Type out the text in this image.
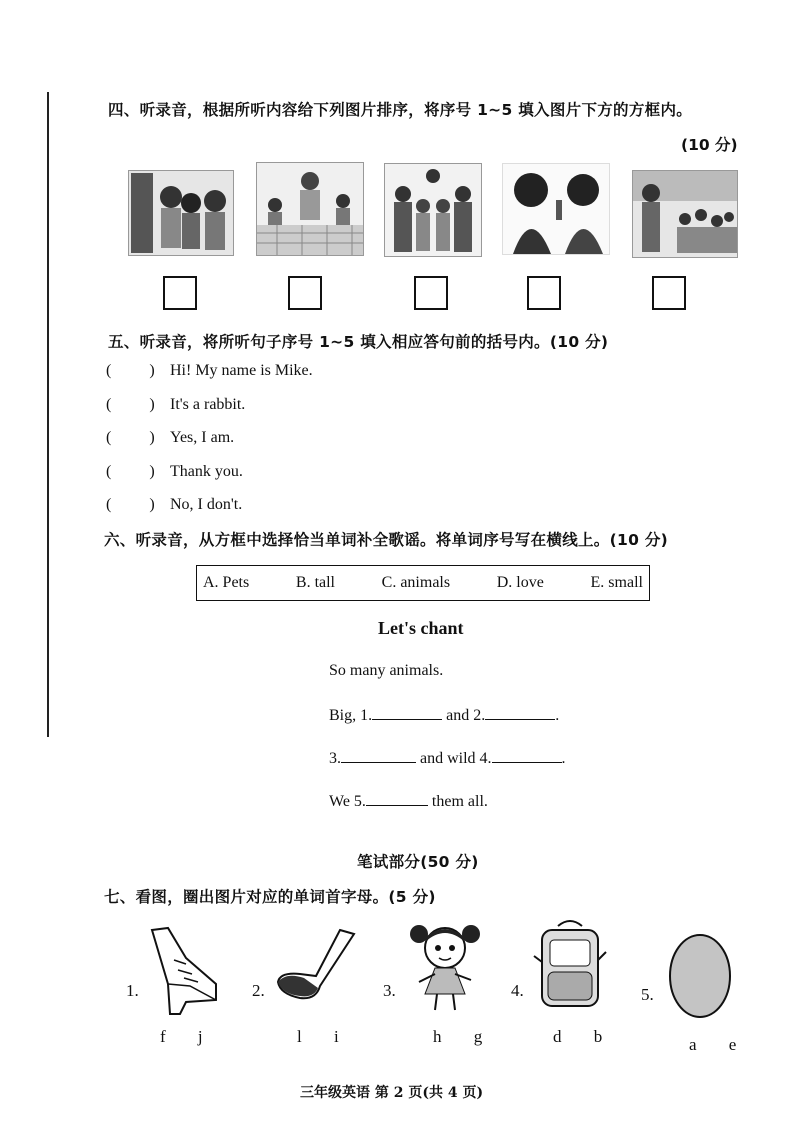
四、听录音，根据所听内容给下列图片排序，将序号 1~5 填入图片下方的方框内。
(10 分)
五、听录音，将所听句子序号 1~5 填入相应答句前的括号内。(10 分)
( ) Hi! My name is Mike.
( ) It's a rabbit.
( ) Yes, I am.
( ) Thank you.
( ) No, I don't.
六、听录音，从方框中选择恰当单词补全歌谣。将单词序号写在横线上。(10 分)
A. Pets	B. tall	C. animals	D. love	E. small
Let's chant
So many animals.
Big, 1.	and 2.	.
3.	and wild 4.	.
We 5.	them all.
笔试部分(50 分)
七、看图，圈出图片对应的单词首字母。(5 分)
1.
f j
2.
l i
3.
h g
4.
d b
5.
a e
三年级英语 第 2 页(共 4 页)
